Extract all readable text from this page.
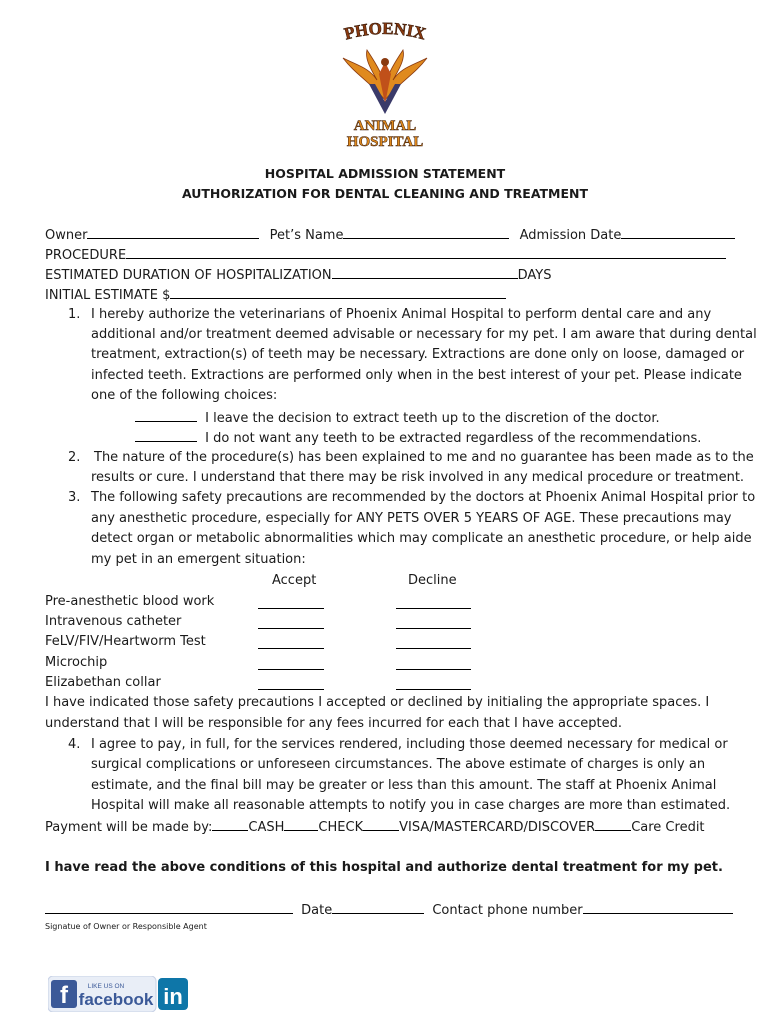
PHOENIX
ANIMAL
HOSPITAL
HOSPITAL ADMISSION STATEMENT
AUTHORIZATION FOR DENTAL CLEANING AND TREATMENT
Owner	Pet’s Name	Admission Date
PROCEDURE
ESTIMATED DURATION OF HOSPITALIZATION	DAYS
INITIAL ESTIMATE $
1. I hereby authorize the veterinarians of Phoenix Animal Hospital to perform dental care and any
additional and/or treatment deemed advisable or necessary for my pet. I am aware that during dental
treatment, extraction(s) of teeth may be necessary. Extractions are done only on loose, damaged or
infected teeth. Extractions are performed only when in the best interest of your pet. Please indicate
one of the following choices:
I leave the decision to extract teeth up to the discretion of the doctor.
I do not want any teeth to be extracted regardless of the recommendations.
2. The nature of the procedure(s) has been explained to me and no guarantee has been made as to the
results or cure. I understand that there may be risk involved in any medical procedure or treatment.
3. The following safety precautions are recommended by the doctors at Phoenix Animal Hospital prior to
any anesthetic procedure, especially for ANY PETS OVER 5 YEARS OF AGE. These precautions may
detect organ or metabolic abnormalities which may complicate an anesthetic procedure, or help aide
my pet in an emergent situation:
Accept	Decline
Pre-anesthetic blood work
Intravenous catheter
FeLV/FIV/Heartworm Test
Microchip
Elizabethan collar
I have indicated those safety precautions I accepted or declined by initialing the appropriate spaces. I
understand that I will be responsible for any fees incurred for each that I have accepted.
4. I agree to pay, in full, for the services rendered, including those deemed necessary for medical or
surgical complications or unforeseen circumstances. The above estimate of charges is only an
estimate, and the final bill may be greater or less than this amount. The staff at Phoenix Animal
Hospital will make all reasonable attempts to notify you in case charges are more than estimated.
Payment will be made by:	CASH	CHECK	VISA/MASTERCARD/DISCOVER	Care Credit
I have read the above conditions of this hospital and authorize dental treatment for my pet.
Date	Contact phone number
Signatue of Owner or Responsible Agent
f	LIKE US ON
facebook in
